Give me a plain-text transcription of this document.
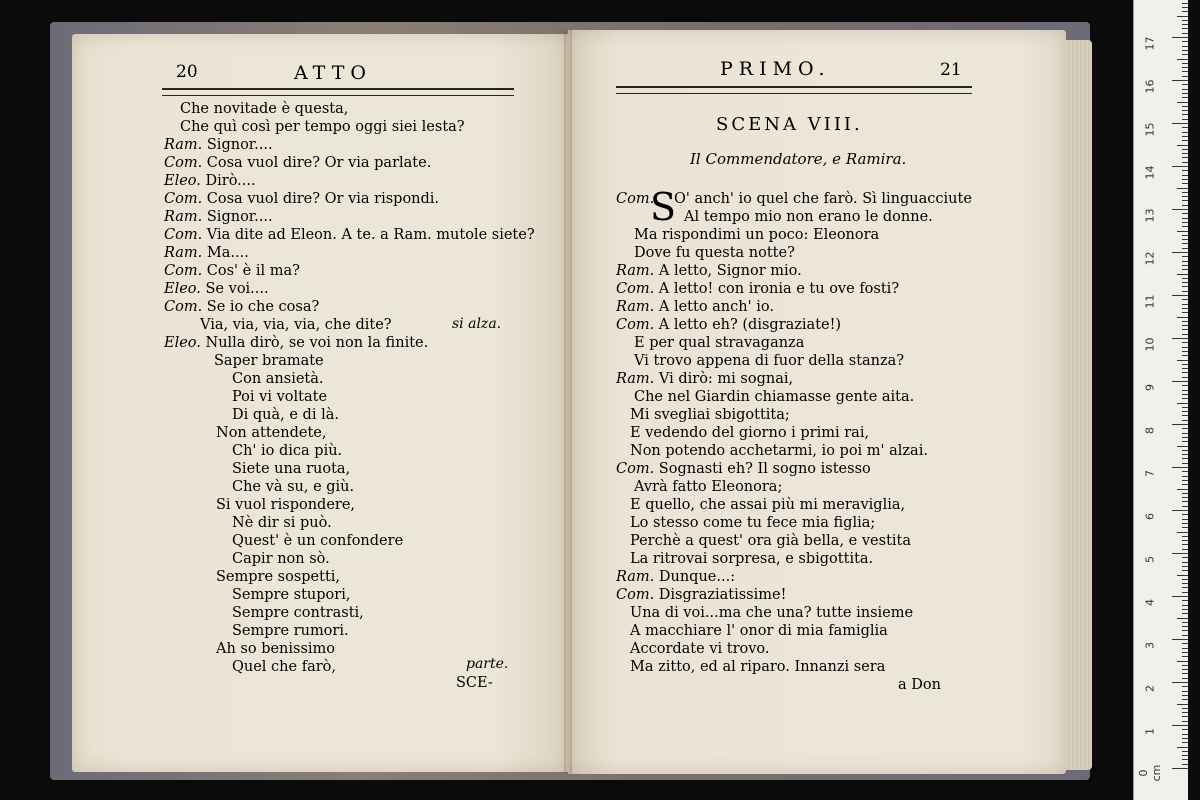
20	ATTO	PRIMO.	21
SCENA VIII.
Il Commendatore, e Ramira.
S
Che novitade è questa,
Che quì così per tempo oggi siei lesta?
Ram. Signor....
Com. Cosa vuol dire? Or via parlate.
Eleo. Dirò....
Com. Cosa vuol dire? Or via rispondi.
Ram. Signor....
Com. Via dite ad Eleon. A te. a Ram. mutole siete?
Ram. Ma....
Com. Cos' è il ma?
Eleo. Se voi....
Com. Se io che cosa?
Via, via, via, via, che dite?
Eleo. Nulla dirò, se voi non la finite.
Saper bramate
Con ansietà.
Poi vi voltate
Di quà, e di là.
Non attendete,
Ch' io dica più.
Siete una ruota,
Che và su, e giù.
Si vuol rispondere,
Nè dir si può.
Quest' è un confondere
Capir non sò.
Sempre sospetti,
Sempre stupori,
Sempre contrasti,
Sempre rumori.
Ah so benissimo
Quel che farò,
si alza.
parte.
SCE-
Com. O' anch' io quel che farò. Sì linguacciute
Al tempo mio non erano le donne.
Ma rispondimi un poco: Eleonora
Dove fu questa notte?
Ram. A letto, Signor mio.
Com. A letto! con ironia e tu ove fosti?
Ram. A letto anch' io.
Com. A letto eh? (disgraziate!)
E per qual stravaganza
Vi trovo appena di fuor della stanza?
Ram. Vi dirò: mi sognai,
Che nel Giardin chiamasse gente aita.
Mi svegliai sbigottita;
E vedendo del giorno i primi rai,
Non potendo acchetarmi, io poi m' alzai.
Com. Sognasti eh? Il sogno istesso
Avrà fatto Eleonora;
E quello, che assai più mi meraviglia,
Lo stesso come tu fece mia figlia;
Perchè a quest' ora già bella, e vestita
La ritrovai sorpresa, e sbigottita.
Ram. Dunque...:
Com. Disgraziatissime!
Una di voi...ma che una? tutte insieme
A macchiare l' onor di mia famiglia
Accordate vi trovo.
Ma zitto, ed al riparo. Innanzi sera
a Don
0 cm
1
2
3
4
5
6
7
8
9
10
11
12
13
14
15
16
17
